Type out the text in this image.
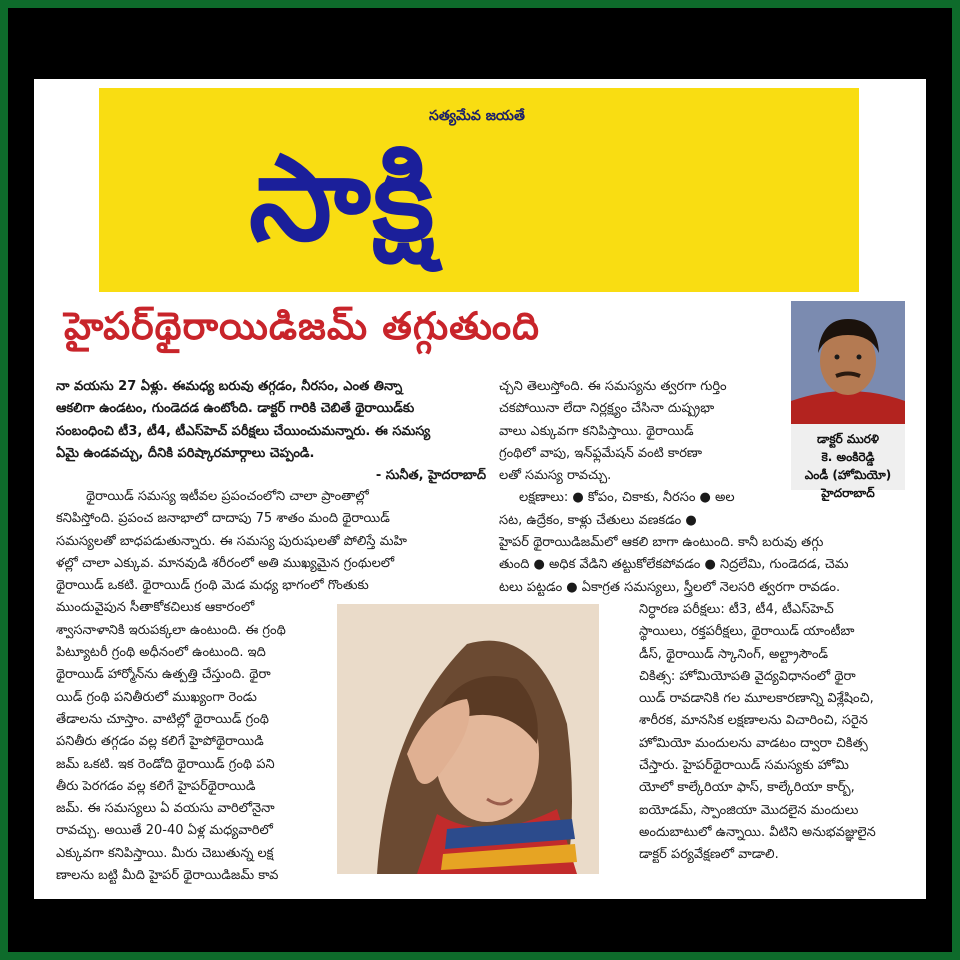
సత్యమేవ జయతే
సాక్షి
హైపర్‌థైరాయిడిజమ్ తగ్గుతుంది
డాక్టర్ మురళి
కె. అంకిరెడ్డి
ఎండీ (హోమియో)
హైదరాబాద్

నా వయసు 27 ఏళ్లు. ఈమధ్య బరువు తగ్గడం, నీరసం, ఎంత తిన్నా

ఆకలిగా ఉండటం, గుండెదడ ఉంటోంది. డాక్టర్ గారికి చెబితే థైరాయిడ్‌కు

సంబంధించి టీ3, టీ4, టీఎస్‌హెచ్ పరీక్షలు చేయించుమన్నారు. ఈ సమస్య

ఏమై ఉండవచ్చు, దీనికి పరిష్కారమార్గాలు చెప్పండి.

- సునీత, హైదరాబాద్

థైరాయిడ్ సమస్య ఇటీవల ప్రపంచంలోని చాలా ప్రాంతాల్లో

కనిపిస్తోంది. ప్రపంచ జనాభాలో దాదాపు 75 శాతం మంది థైరాయిడ్

సమస్యలతో బాధపడుతున్నారు. ఈ సమస్య పురుషులతో పోలిస్తే మహి

ళల్లో చాలా ఎక్కువ. మానవుడి శరీరంలో అతి ముఖ్యమైన గ్రంథులలో

థైరాయిడ్ ఒకటి. థైరాయిడ్ గ్రంథి మెడ మధ్య భాగంలో గొంతుకు

ముందువైపున సీతాకోకచిలుక ఆకారంలో

శ్వాసనాళానికి ఇరుపక్కలా ఉంటుంది. ఈ గ్రంథి

పిట్యూటరీ గ్రంథి అధీనంలో ఉంటుంది. ఇది

థైరాయిడ్ హార్మోన్‌ను ఉత్పత్తి చేస్తుంది. థైరా

యిడ్ గ్రంథి పనితీరులో ముఖ్యంగా రెండు

తేడాలను చూస్తాం. వాటిల్లో థైరాయిడ్ గ్రంథి

పనితీరు తగ్గడం వల్ల కలిగే హైపోథైరాయిడి

జమ్ ఒకటి. ఇక రెండోది థైరాయిడ్ గ్రంథి పని

తీరు పెరగడం వల్ల కలిగే హైపర్‌థైరాయిడి

జమ్. ఈ సమస్యలు ఏ వయసు వారిలోనైనా

రావచ్చు. అయితే 20-40 ఏళ్ల మధ్యవారిలో

ఎక్కువగా కనిపిస్తాయి. మీరు చెబుతున్న లక్ష

ణాలను బట్టి మీది హైపర్ థైరాయిడిజమ్ కావ

చ్చని తెలుస్తోంది. ఈ సమస్యను త్వరగా గుర్తిం

చకపోయినా లేదా నిర్లక్ష్యం చేసినా దుష్ప్రభా

వాలు ఎక్కువగా కనిపిస్తాయి. థైరాయిడ్

గ్రంథిలో వాపు, ఇన్‌ఫ్లమేషన్ వంటి కారణా

లతో సమస్య రావచ్చు.

లక్షణాలు: ● కోపం, చికాకు, నీరసం ● అల

సట, ఉద్రేకం, కాళ్లు చేతులు వణకడం ●

హైపర్ థైరాయిడిజమ్‌లో ఆకలి బాగా ఉంటుంది. కానీ బరువు తగ్గు

తుంది ● అధిక వేడిని తట్టుకోలేకపోవడం ● నిద్రలేమి, గుండెదడ, చెమ

టలు పట్టడం ● ఏకాగ్రత సమస్యలు, స్త్రీలలో నెలసరి త్వరగా రావడం.

నిర్ధారణ పరీక్షలు: టీ3, టీ4, టీఎస్‌హెచ్

స్థాయిలు, రక్తపరీక్షలు, థైరాయిడ్ యాంటీబా

డీస్, థైరాయిడ్ స్కానింగ్, అల్ట్రాసౌండ్

చికిత్స: హోమియోపతి వైద్యవిధానంలో థైరా

యిడ్ రావడానికి గల మూలకారణాన్ని విశ్లేషించి,

శారీరక, మానసిక లక్షణాలను విచారించి, సరైన

హోమియో మందులను వాడటం ద్వారా చికిత్స

చేస్తారు. హైపర్‌థైరాయిడ్ సమస్యకు హోమి

యోలో కాల్కేరియా ఫాస్, కాల్కేరియా కార్బ్,

ఐయోడమ్, స్పాంజియా మొదలైన మందులు

అందుబాటులో ఉన్నాయి. వీటిని అనుభవజ్ఞులైన

డాక్టర్ పర్యవేక్షణలో వాడాలి.
